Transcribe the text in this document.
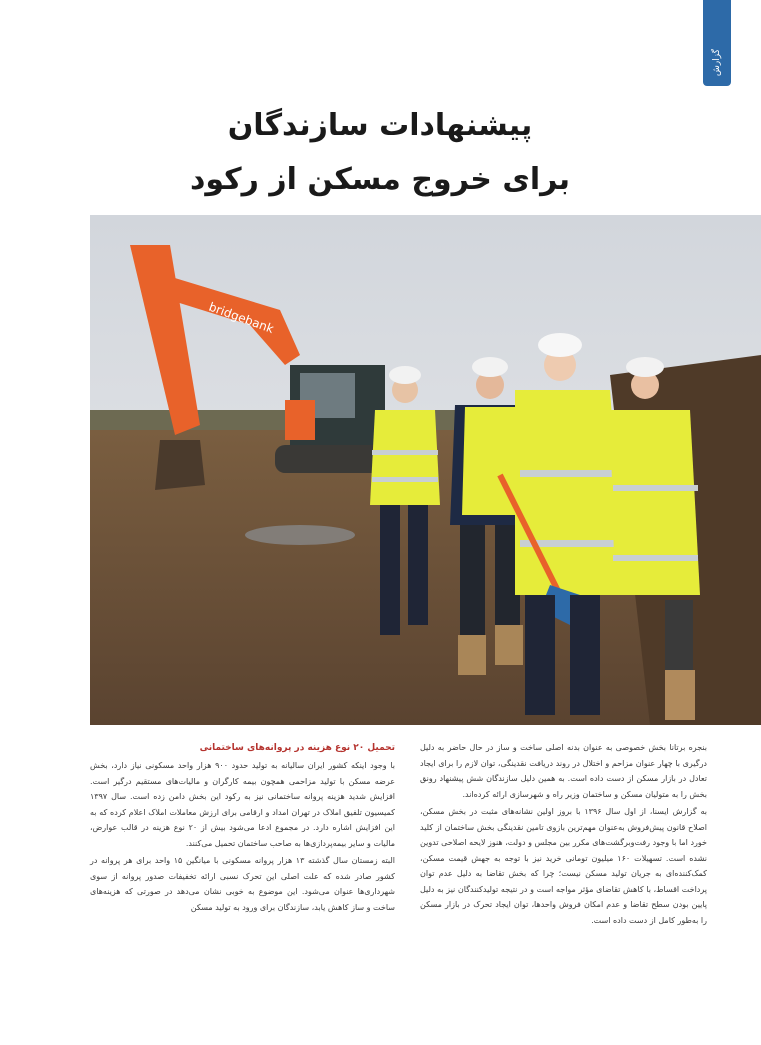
گزارش
پیشنهادات سازندگان
برای خروج مسکن از رکود
bridgebank

بنجره برتانا بخش خصوصی به عنوان بدنه اصلی ساخت و ساز در حال حاضر به دلیل درگیری با چهار عنوان مزاحم و اختلال در روند دریافت نقدینگی، توان لازم را برای ایجاد تعادل در بازار مسکن از دست داده است. به همین دلیل سازندگان شش پیشنهاد رونق بخش را به متولیان مسکن و ساختمان وزیر راه و شهرسازی ارائه کرده‌اند.

به گزارش ایسنا، از اول سال ۱۳۹۶ با بروز اولین نشانه‌های مثبت در بخش مسکن، اصلاح قانون پیش‌فروش به‌عنوان مهم‌ترین بازوی تامین نقدینگی بخش ساختمان از کلید خورد اما با وجود رفت‌وبرگشت‌های مکرر بین مجلس و دولت، هنوز لایحه اصلاحی تدوین نشده است. تسهیلات ۱۶۰ میلیون تومانی خرید نیز با توجه به جهش قیمت مسکن، کمک‌کننده‌ای به جریان تولید مسکن نیست؛ چرا که بخش تقاضا به دلیل عدم توان پرداخت اقساط، با کاهش تقاضای مؤثر مواجه است و در نتیجه تولیدکنندگان نیز به دلیل پایین بودن سطح تقاضا و عدم امکان فروش واحدها، توان ایجاد تحرک در بازار مسکن را به‌طور کامل از دست داده است.

تحمیل ۲۰ نوع هزینه در پروانه‌های ساختمانی

با وجود اینکه کشور ایران سالیانه به تولید حدود ۹۰۰ هزار واحد مسکونی نیاز دارد، بخش عرضه مسکن با تولید مزاحمی همچون بیمه کارگران و مالیات‌های مستقیم درگیر است. افزایش شدید هزینه پروانه ساختمانی نیز به رکود این بخش دامن زده است. سال ۱۳۹۷ کمیسیون تلفیق املاک در تهران امداد و ارقامی برای ارزش معاملات املاک اعلام کرده که به این افزایش اشاره دارد. در مجموع ادعا می‌شود بیش از ۲۰ نوع هزینه در قالب عوارض، مالیات و سایر بیمه‌پردازی‌ها به صاحب ساختمان تحمیل می‌کنند.

البته زمستان سال گذشته ۱۳ هزار پروانه مسکونی با میانگین ۱۵ واحد برای هر پروانه در کشور صادر شده که علت اصلی این تحرک نسبی ارائه تخفیفات صدور پروانه از سوی شهرداری‌ها عنوان می‌شود. این موضوع به خوبی نشان می‌دهد در صورتی که هزینه‌های ساخت و ساز کاهش یابد، سازندگان برای ورود به تولید مسکن
